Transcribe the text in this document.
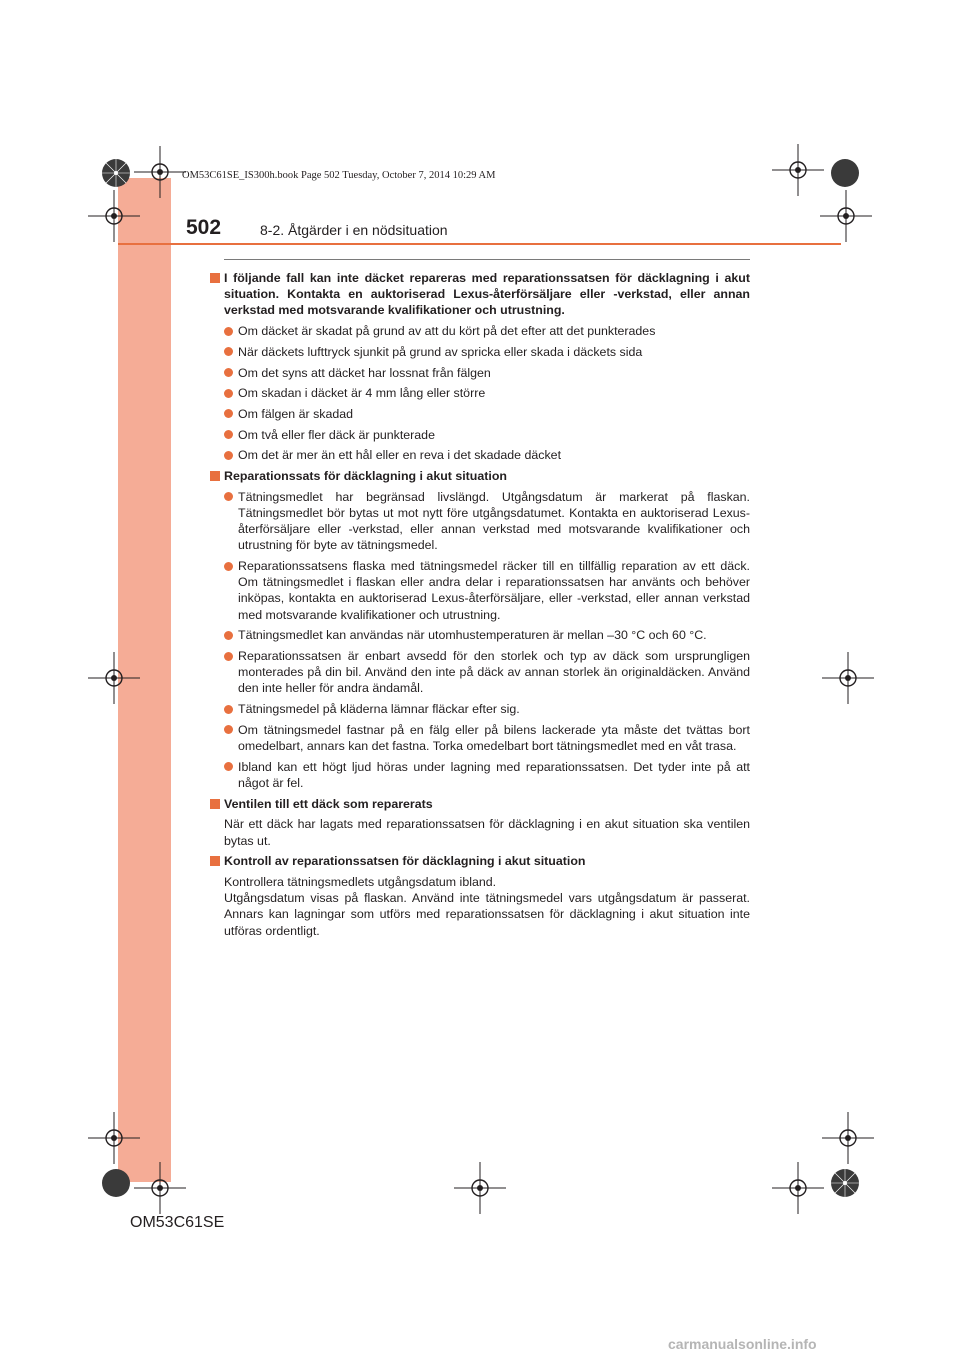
OM53C61SE_IS300h.book Page 502 Tuesday, October 7, 2014 10:29 AM
502	8-2. Åtgärder i en nödsituation
I följande fall kan inte däcket repareras med reparationssatsen för däcklagning i akut situation. Kontakta en auktoriserad Lexus-återförsäljare eller -verkstad, eller annan verkstad med motsvarande kvalifikationer och utrustning.
Om däcket är skadat på grund av att du kört på det efter att det punkterades
När däckets lufttryck sjunkit på grund av spricka eller skada i däckets sida
Om det syns att däcket har lossnat från fälgen
Om skadan i däcket är 4 mm lång eller större
Om fälgen är skadad
Om två eller fler däck är punkterade
Om det är mer än ett hål eller en reva i det skadade däcket
Reparationssats för däcklagning i akut situation
Tätningsmedlet har begränsad livslängd. Utgångsdatum är markerat på flaskan. Tätningsmedlet bör bytas ut mot nytt före utgångsdatumet. Kontakta en auktoriserad Lexus-återförsäljare eller -verkstad, eller annan verkstad med motsvarande kvalifikationer och utrustning för byte av tätningsmedel.
Reparationssatsens flaska med tätningsmedel räcker till en tillfällig reparation av ett däck. Om tätningsmedlet i flaskan eller andra delar i reparationssatsen har använts och behöver inköpas, kontakta en auktoriserad Lexus-återförsäljare, eller -verkstad, eller annan verkstad med motsvarande kvalifikationer och utrustning.
Tätningsmedlet kan användas när utomhustemperaturen är mellan –30 °C och 60 °C.
Reparationssatsen är enbart avsedd för den storlek och typ av däck som ursprungligen monterades på din bil. Använd den inte på däck av annan storlek än originaldäcken. Använd den inte heller för andra ändamål.
Tätningsmedel på kläderna lämnar fläckar efter sig.
Om tätningsmedel fastnar på en fälg eller på bilens lackerade yta måste det tvättas bort omedelbart, annars kan det fastna. Torka omedelbart bort tätningsmedlet med en våt trasa.
Ibland kan ett högt ljud höras under lagning med reparationssatsen. Det tyder inte på att något är fel.
Ventilen till ett däck som reparerats

När ett däck har lagats med reparationssatsen för däcklagning i en akut situation ska ventilen bytas ut.

Kontroll av reparationssatsen för däcklagning i akut situation

Kontrollera tätningsmedlets utgångsdatum ibland.

Utgångsdatum visas på flaskan. Använd inte tätningsmedel vars utgångsdatum är passerat. Annars kan lagningar som utförs med reparationssatsen för däcklagning i akut situation inte utföras ordentligt.

OM53C61SE
carmanualsonline.info
